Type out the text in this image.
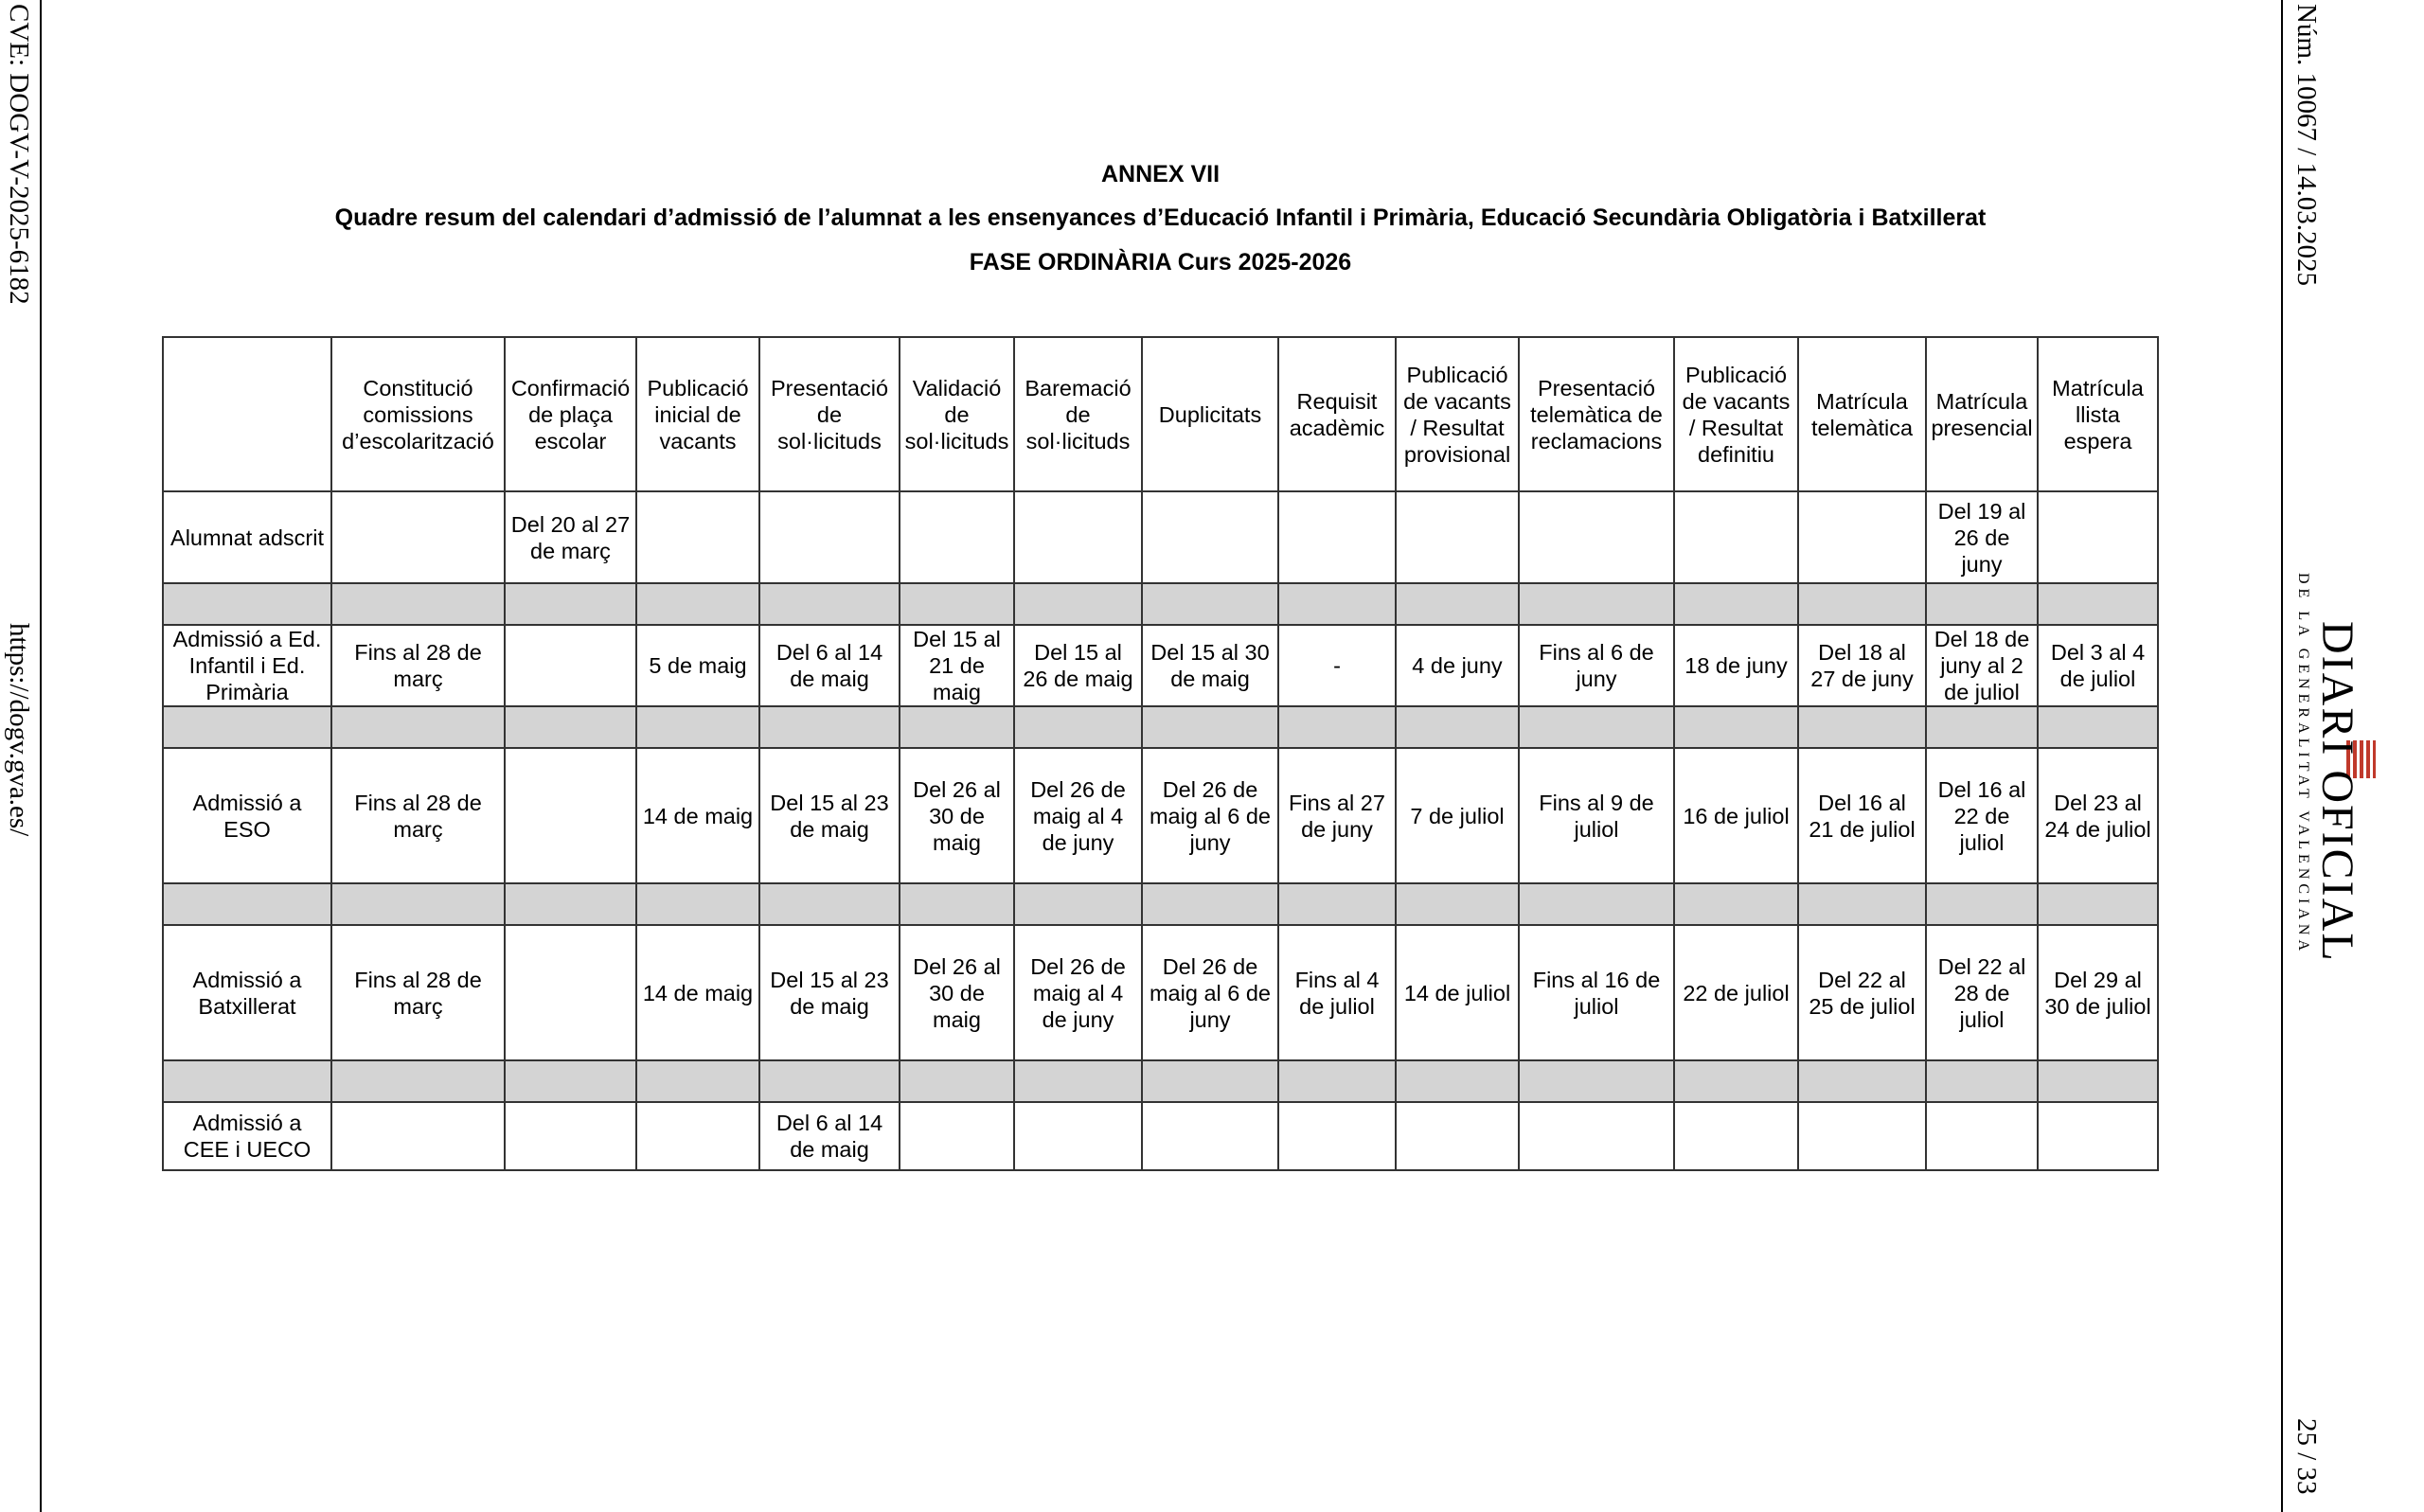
CVE: DOGV-V-2025-6182
https://dogv.gva.es/
Núm. 10067 / 14.03.2025
25 / 33
DIARI OFICIAL
DE LA GENERALITAT VALENCIANA
ANNEX VII
Quadre resum del calendari d’admissió de l’alumnat a les ensenyances d’Educació Infantil i Primària, Educació Secundària Obligatòria i Batxillerat
FASE ORDINÀRIA Curs 2025-2026
	Constitució comissions d’escolarització	Confirmació de plaça escolar	Publicació inicial de vacants	Presentació de sol·licituds	Validació de sol·licituds	Baremació de sol·licituds	Duplicitats	Requisit acadèmic	Publicació de vacants / Resultat provisional	Presentació telemàtica de reclamacions	Publicació de vacants / Resultat definitiu	Matrícula telemàtica	Matrícula presencial	Matrícula llista espera
Alumnat adscrit		Del 20 al 27 de març											Del 19 al 26 de juny	

Admissió a Ed. Infantil i Ed. Primària	Fins al 28 de març		5 de maig	Del 6 al 14 de maig	Del 15 al 21 de maig	Del 15 al 26 de maig	Del 15 al 30 de maig	-	4 de juny	Fins al 6 de juny	18 de juny	Del 18 al 27 de juny	Del 18 de juny al 2 de juliol	Del 3 al 4 de juliol

Admissió a ESO	Fins al 28 de març		14 de maig	Del 15 al 23 de maig	Del 26 al 30 de maig	Del 26 de maig al 4 de juny	Del 26 de maig al 6 de juny	Fins al 27 de juny	7 de juliol	Fins al 9 de juliol	16 de juliol	Del 16 al 21 de juliol	Del 16 al 22 de juliol	Del 23 al 24 de juliol

Admissió a Batxillerat	Fins al 28 de març		14 de maig	Del 15 al 23 de maig	Del 26 al 30 de maig	Del 26 de maig al 4 de juny	Del 26 de maig al 6 de juny	Fins al 4 de juliol	14 de juliol	Fins al 16 de juliol	22 de juliol	Del 22 al 25 de juliol	Del 22 al 28 de juliol	Del 29 al 30 de juliol

Admissió a CEE i UECO				Del 6 al 14 de maig										
